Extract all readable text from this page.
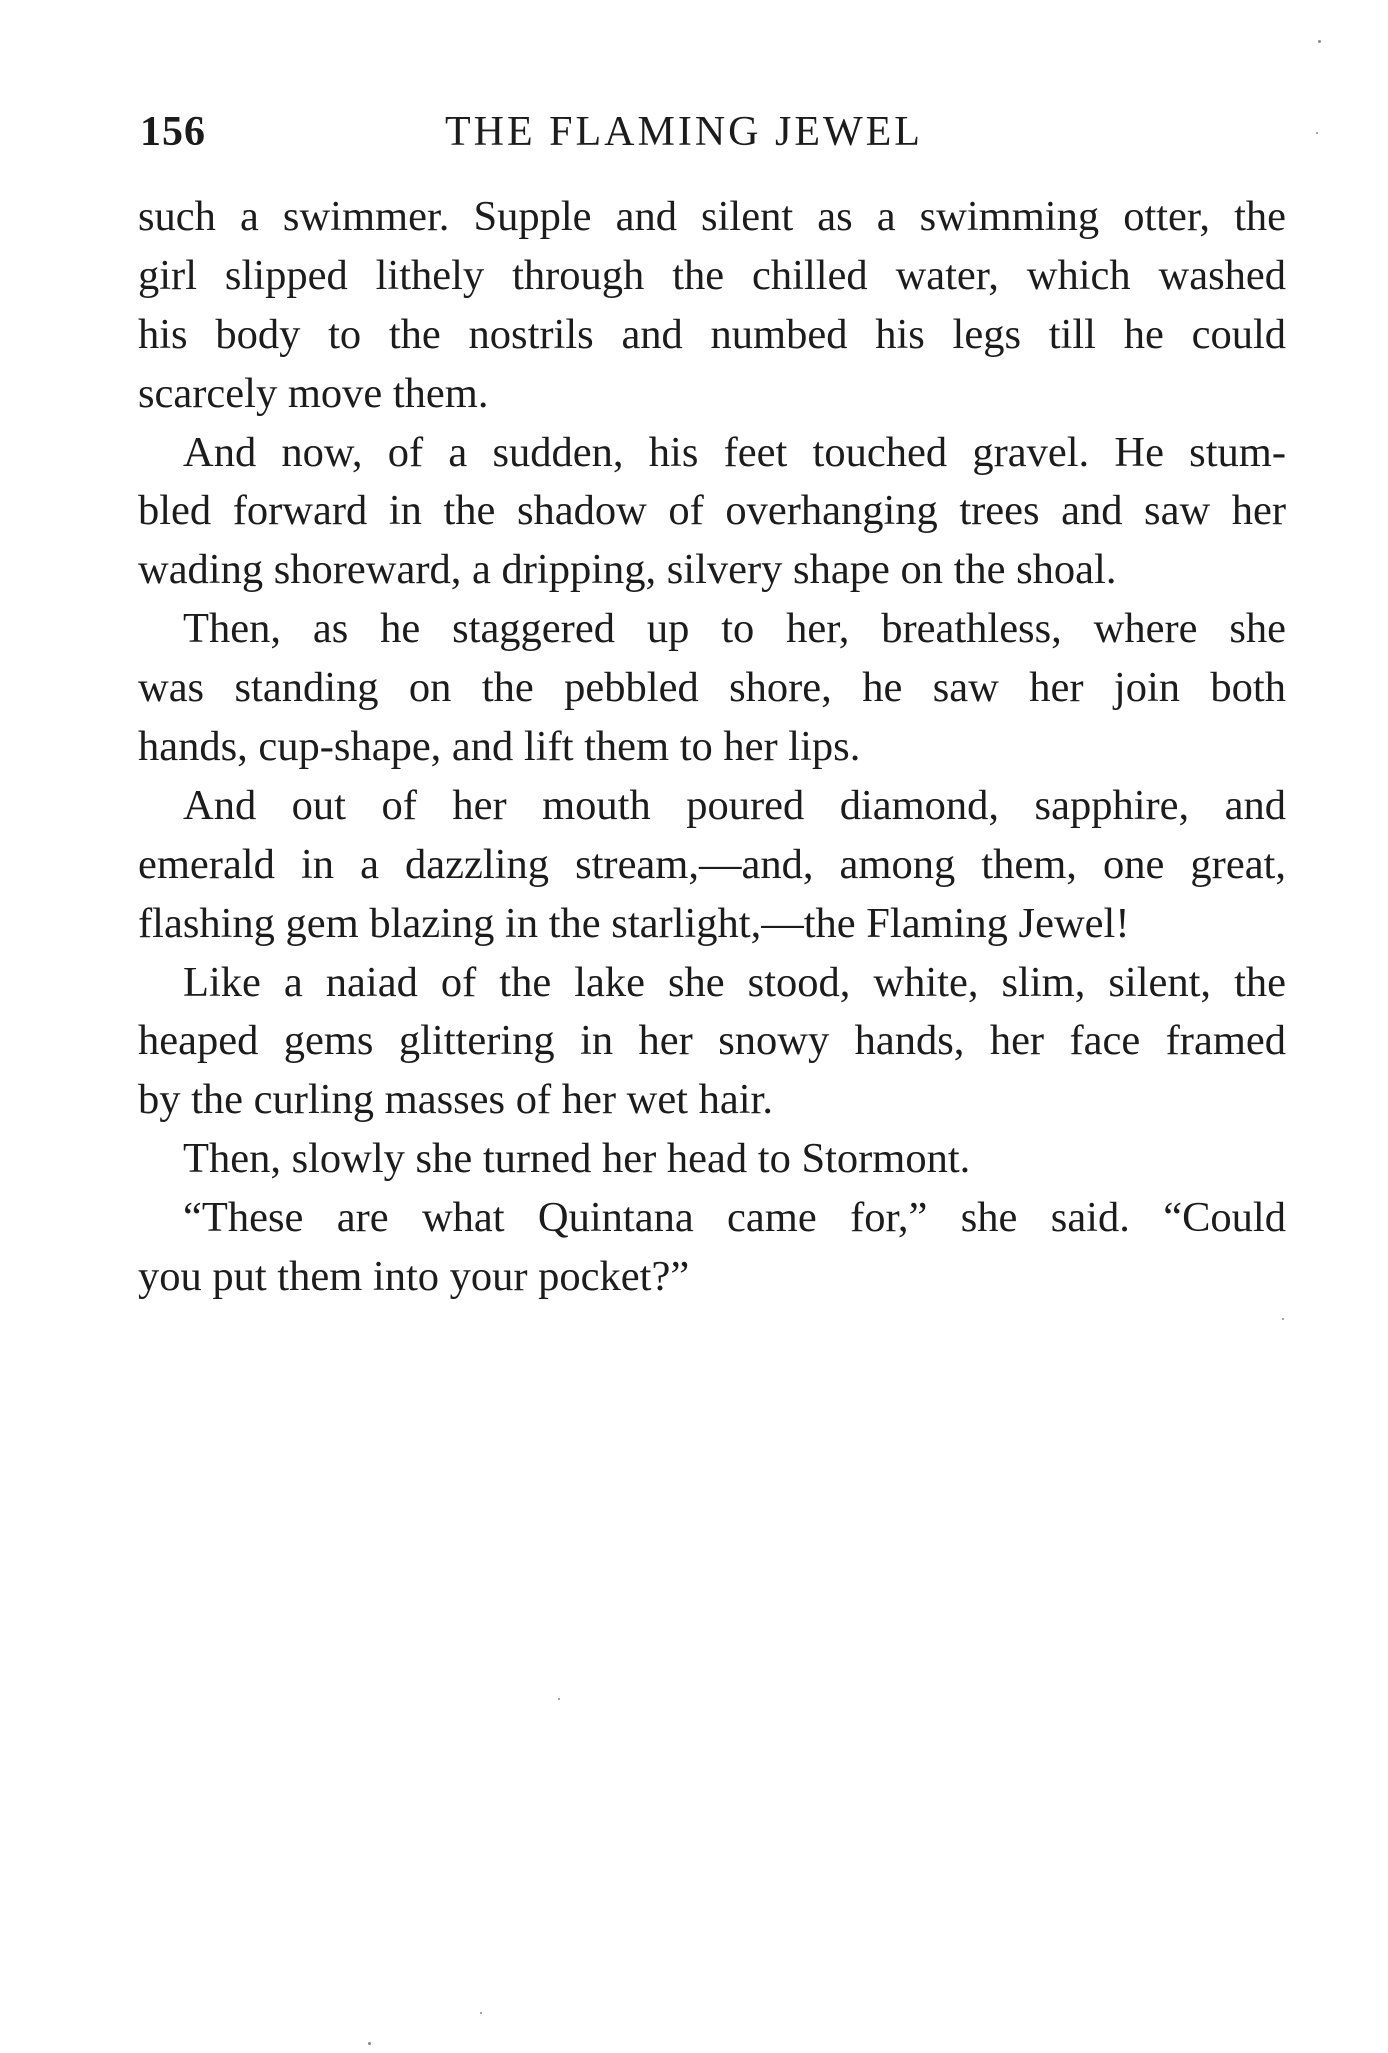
156	THE FLAMING JEWEL
such a swimmer. Supple and silent as a swimming otter, the
girl slipped lithely through the chilled water, which washed
his body to the nostrils and numbed his legs till he could
scarcely move them.
And now, of a sudden, his feet touched gravel. He stum-
bled forward in the shadow of overhanging trees and saw her
wading shoreward, a dripping, silvery shape on the shoal.
Then, as he staggered up to her, breathless, where she
was standing on the pebbled shore, he saw her join both
hands, cup-shape, and lift them to her lips.
And out of her mouth poured diamond, sapphire, and
emerald in a dazzling stream,—and, among them, one great,
flashing gem blazing in the starlight,—the Flaming Jewel!
Like a naiad of the lake she stood, white, slim, silent, the
heaped gems glittering in her snowy hands, her face framed
by the curling masses of her wet hair.
Then, slowly she turned her head to Stormont.
“These are what Quintana came for,” she said. “Could
you put them into your pocket?”
